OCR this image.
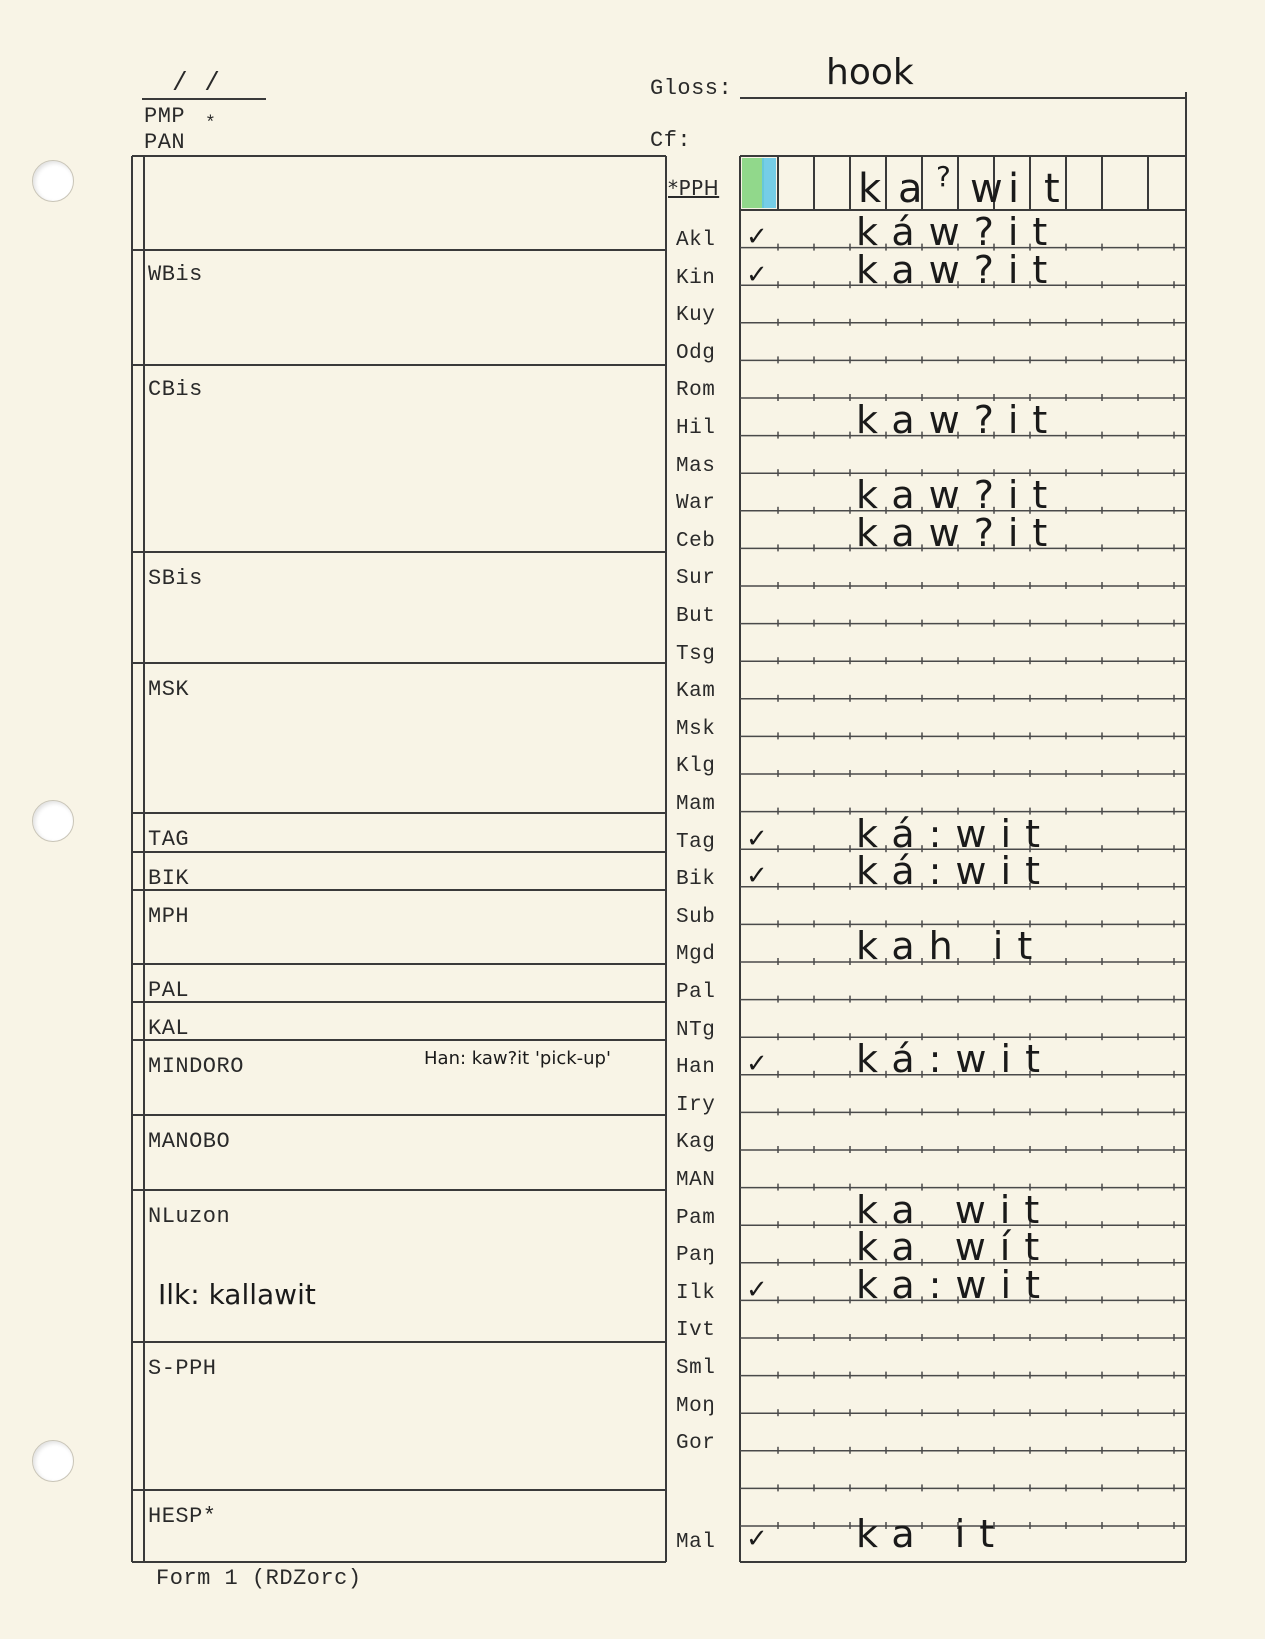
/ /
PMP *
PAN
Gloss:	hook
Cf:
*PPH	k a ? w i t
WBis
CBis
SBis
MSK
TAG
BIK
MPH
PAL
KAL
MINDORO	Han: kaw?it 'pick-up'
MANOBO
NLuzon
Ilk: kallawit
S-PPH
HESP*
Akl	✓ káw?it
Kin	✓ kaw?it
Kuy
Odg
Rom
Hil	kaw?it
Mas
War	kaw?it
Ceb	kaw?it
Sur
But
Tsg
Kam
Msk
Klg
Mam
Tag	✓ ká:wit
Bik	✓ ká:wit
Sub
Mgd	kah it
Pal
NTg
Han	✓ ká:wit
Iry
Kag
MAN
Pam	ka wit
Paŋ	ka wít
Ilk	✓ ka:wit
Ivt
Sml
Moŋ
Gor
Mal	✓ ka it
Form 1 (RDZorc)
